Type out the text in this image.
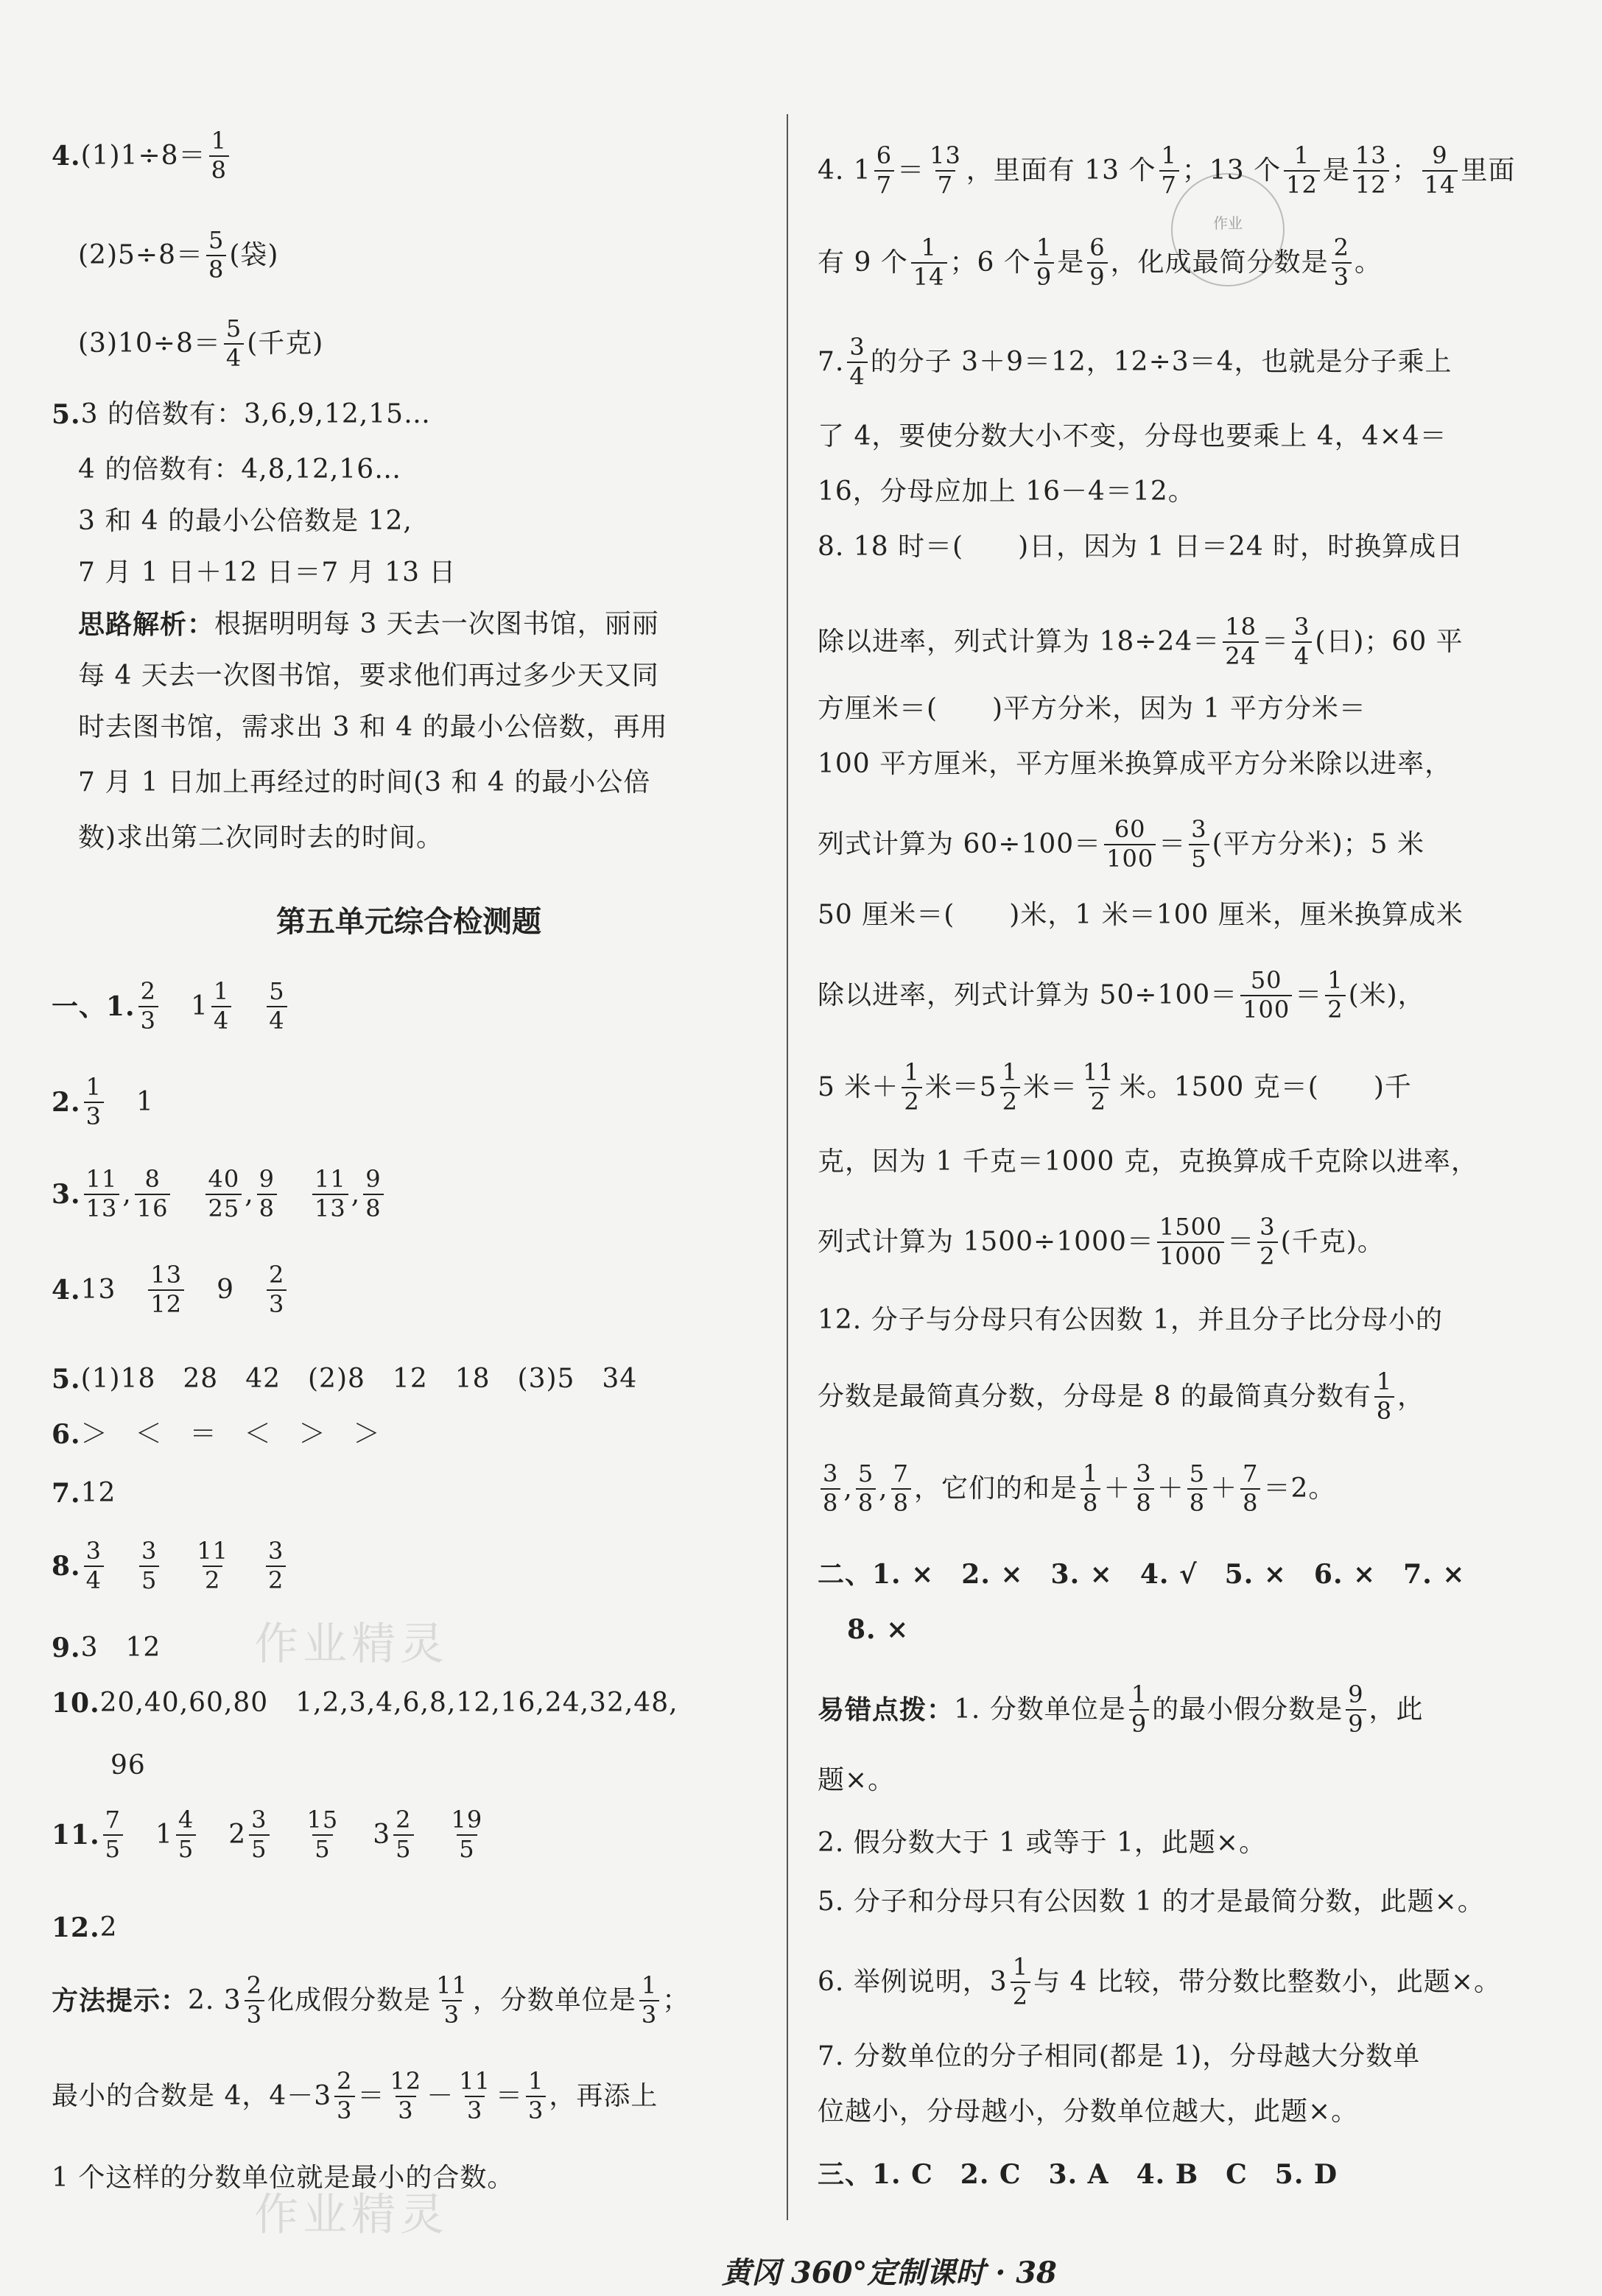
作业
作业精灵
作业精灵
4. (1)1÷8＝ 1
8
(2)5÷8＝ 5
8 (袋)
(3)10÷8＝ 5
4 (千克)
5. 3 的倍数有：3,6,9,12,15…
4 的倍数有：4,8,12,16…
3 和 4 的最小公倍数是 12,
7 月 1 日＋12 日＝7 月 13 日
思路解析： 根据明明每 3 天去一次图书馆，丽丽
每 4 天去一次图书馆，要求他们再过多少天又同
时去图书馆，需求出 3 和 4 的最小公倍数，再用
7 月 1 日加上再经过的时间(3 和 4 的最小公倍
数)求出第二次同时去的时间。
第五单元综合检测题
一、1. 2
3 1 1
4
5
4
2. 1
3 1
3. 11
13 , 8
16
40
25 , 9
8
11
13 , 9
8
4. 13 13
12 9 2
3
5. (1)18　28　42　(2)8　12　18　(3)5　34
6. ＞　＜　＝　＜　＞　＞
7. 12
8. 3
4
3
5
11
2
3
2
9. 3　12
10. 20,40,60,80　1,2,3,4,6,8,12,16,24,32,48,
96
11. 7
5 1 4
5 2 3
5
15
5 3 2
5
19
5
12. 2
方法提示： 2. 3 2
3 化成假分数是 11
3 ，分数单位是 1
3 ；
最小的合数是 4，4－3 2
3 ＝ 12
3 － 11
3 ＝ 1
3 ，再添上
1 个这样的分数单位就是最小的合数。
4. 1 6
7 ＝ 13
7 ，里面有 13 个 1
7 ；13 个 1
12 是 13
12 ； 9
14 里面
有 9 个 1
14 ；6 个 1
9 是 6
9 ，化成最简分数是 2
3 。
7. 3
4 的分子 3＋9＝12，12÷3＝4，也就是分子乘上
了 4，要使分数大小不变，分母也要乘上 4，4×4＝
16，分母应加上 16－4＝12。
8. 18 时＝(　　)日，因为 1 日＝24 时，时换算成日
除以进率，列式计算为 18÷24＝ 18
24 ＝ 3
4 (日)；60 平
方厘米＝(　　)平方分米，因为 1 平方分米＝
100 平方厘米，平方厘米换算成平方分米除以进率，
列式计算为 60÷100＝ 60
100 ＝ 3
5 (平方分米)；5 米
50 厘米＝(　　)米，1 米＝100 厘米，厘米换算成米
除以进率，列式计算为 50÷100＝ 50
100 ＝ 1
2 (米)，
5 米＋ 1
2 米＝5 1
2 米＝ 11
2 米。1500 克＝(　　)千
克，因为 1 千克＝1000 克，克换算成千克除以进率，
列式计算为 1500÷1000＝ 1500
1000 ＝ 3
2 (千克)。
12. 分子与分母只有公因数 1，并且分子比分母小的
分数是最简真分数，分母是 8 的最简真分数有 1
8 ，
3
8 , 5
8 , 7
8 ，它们的和是 1
8 ＋ 3
8 ＋ 5
8 ＋ 7
8 ＝2。
二、1. ×　2. ×　3. ×　4. √　5. ×　6. ×　7. ×
8. ×
易错点拨： 1. 分数单位是 1
9 的最小假分数是 9
9 ，此
题×。
2. 假分数大于 1 或等于 1，此题×。
5. 分子和分母只有公因数 1 的才是最简分数，此题×。
6. 举例说明，3 1
2 与 4 比较，带分数比整数小，此题×。
7. 分数单位的分子相同(都是 1)，分母越大分数单
位越小，分母越小，分数单位越大，此题×。
三、1. C　2. C　3. A　4. B　C　5. D
黄冈 360°定制课时 · 38
